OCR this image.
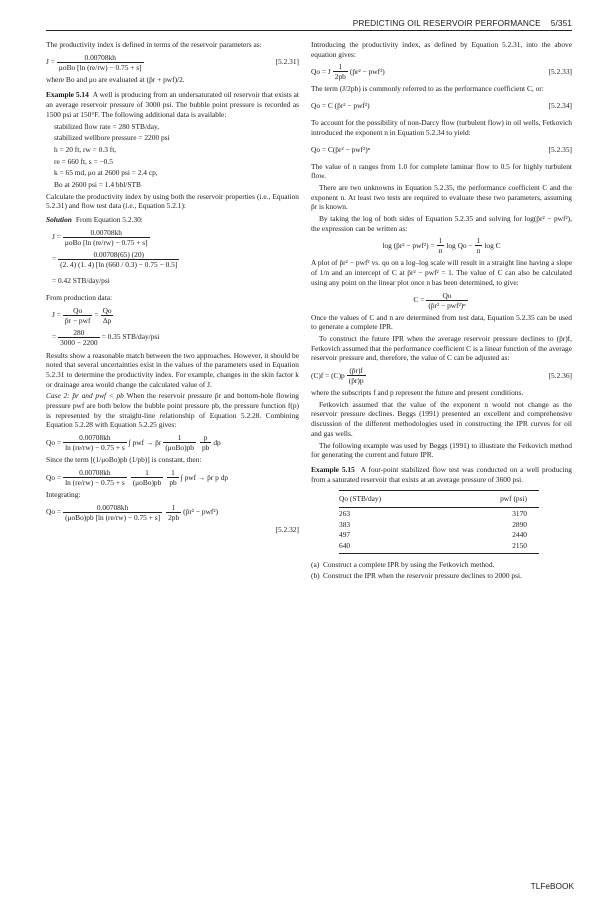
PREDICTING OIL RESERVOIR PERFORMANCE 5/351

The productivity index is defined in terms of the reservoir parameters as:

$J = \frac{0.00708kh}{\text{μoBo [ln (re/rw) − 0.75 + s]}}$	[5.2.31]

where Bo and μo are evaluated at (p̄r + pwf)/2.

Example 5.14 A well is producing from an undersaturated oil reservoir that exists at an average reservoir pressure of 3000 psi. The bubble point pressure is recorded as 1500 psi at 150°F. The following additional data is available:

stabilized flow rate = 280 STB/day,
stabilized wellbore pressure = 2200 psi
h = 20 ft, rw = 0.3 ft,
re = 660 ft, s = −0.5
k = 65 md, μo at 2600 psi = 2.4 cp,
Bo at 2600 psi = 1.4 bbl/STB

Calculate the productivity index by using both the reservoir properties (i.e., Equation 5.2.31) and flow test data (i.e., Equation 5.2.1):

Solution From Equation 5.2.30:

$J = \frac{0.00708kh}{\text{μoBo [ln (re/rw) − 0.75 + s]}}$
= $\frac{0.00708(65) (20)}{(2. 4) (1. 4) [\ln (660 / 0.3) - 0.75 - 0.5]}$
= 0.42 STB/day/psi

From production data:

$J = \frac{Qo}{\text{p̄r − pwf}} = \frac{Qo}{\Delta p}$
= $\frac{280}{3000 - 2200} = 0.35$ STB/day/psi

Results show a reasonable match between the two approaches. However, it should be noted that several uncertainties exist in the values of the parameters used in Equation 5.2.31 to determine the productivity index. For example, changes in the skin factor k or drainage area would change the calculated value of J.

Case 2: p̄r and pwf < pb When the reservoir pressure p̄r and bottom-hole flowing pressure pwf are both below the bubble point pressure pb, the pressure function f(p) is represented by the straight-line relationship of Equation 5.2.28. Combining Equation 5.2.28 with Equation 5.2.25 gives:

$Qo = \frac{0.00708kh}{\ln (re/rw) - 0.75 + s}$ ∫ pwf → p̄r $\frac{1}{\text{(μoBo)pb}} \frac{p}{pb}$ dp

Since the term [(1/μoBo)pb (1/pb)] is constant, then:

$Qo = \frac{0.00708kh}{\ln (re/rw) - 0.75 + s} \frac{1}{\text{(μoBo)pb}} \frac{1}{pb}$ ∫ pwf → p̄r p dp

Integrating:

$Qo = \frac{0.00708kh}{\text{(μoBo)pb [ln (re/rw) − 0.75 + s]}} \frac{1}{2pb}$ (p̄r² − pwf²)
[5.2.32]

Introducing the productivity index, as defined by Equation 5.2.31, into the above equation gives:

Qo = J $\frac{1}{2pb}$ (p̄r² − pwf²)	[5.2.33]

The term (J/2pb) is commonly referred to as the performance coefficient C, or:

Qo = C (p̄r² − pwf²)	[5.2.34]

To account for the possibility of non-Darcy flow (turbulent flow) in oil wells, Fetkovich introduced the exponent n in Equation 5.2.34 to yield:

Qo = C(p̄r² − pwf²)ⁿ	[5.2.35]

The value of n ranges from 1.0 for complete laminar flow to 0.5 for highly turbulent flow.

There are two unknowns in Equation 5.2.35, the performance coefficient C and the exponent n. At least two tests are required to evaluate these two parameters, assuming p̄r is known.

By taking the log of both sides of Equation 5.2.35 and solving for log(p̄r² − pwf²), the expression can be written as:

log (p̄r² − $pwf^2) = \frac{1}{n}$ $\log Qo - \frac{1}{n}$ log C

A plot of p̄r² − pwf² vs. qo on a log–log scale will result in a straight line having a slope of 1/n and an intercept of C at p̄r² − pwf² = 1. The value of C can also be calculated using any point on the linear plot once n has been determined, to give:

$C = \frac{Qo}{\text{(p̄r² − pwf²)ⁿ}}$

Once the values of C and n are determined from test data, Equation 5.2.35 can be used to generate a complete IPR.

To construct the future IPR when the average reservoir pressure declines to (p̄r)f, Fetkovich assumed that the performance coefficient C is a linear function of the average reservoir pressure and, therefore, the value of C can be adjusted as:

$(C)f = (C)p \frac{(p̄r)f}{(p̄r)p}$	[5.2.36]

where the subscripts f and p represent the future and present conditions.

Fetkovich assumed that the value of the exponent n would not change as the reservoir pressure declines. Beggs (1991) presented an excellent and comprehensive discussion of the different methodologies used in constructing the IPR curves for oil and gas wells.

The following example was used by Beggs (1991) to illustrate the Fetkovich method for generating the current and future IPR.

Example 5.15 A four-point stabilized flow test was conducted on a well producing from a saturated reservoir that exists at an average pressure of 3600 psi.

Qo (STB/day)	pwf (psi)
263	3170
383	2890
497	2440
640	2150
(a) Construct a complete IPR by using the Fetkovich method.
(b) Construct the IPR when the reservoir pressure declines to 2000 psi.
TLFeBOOK
